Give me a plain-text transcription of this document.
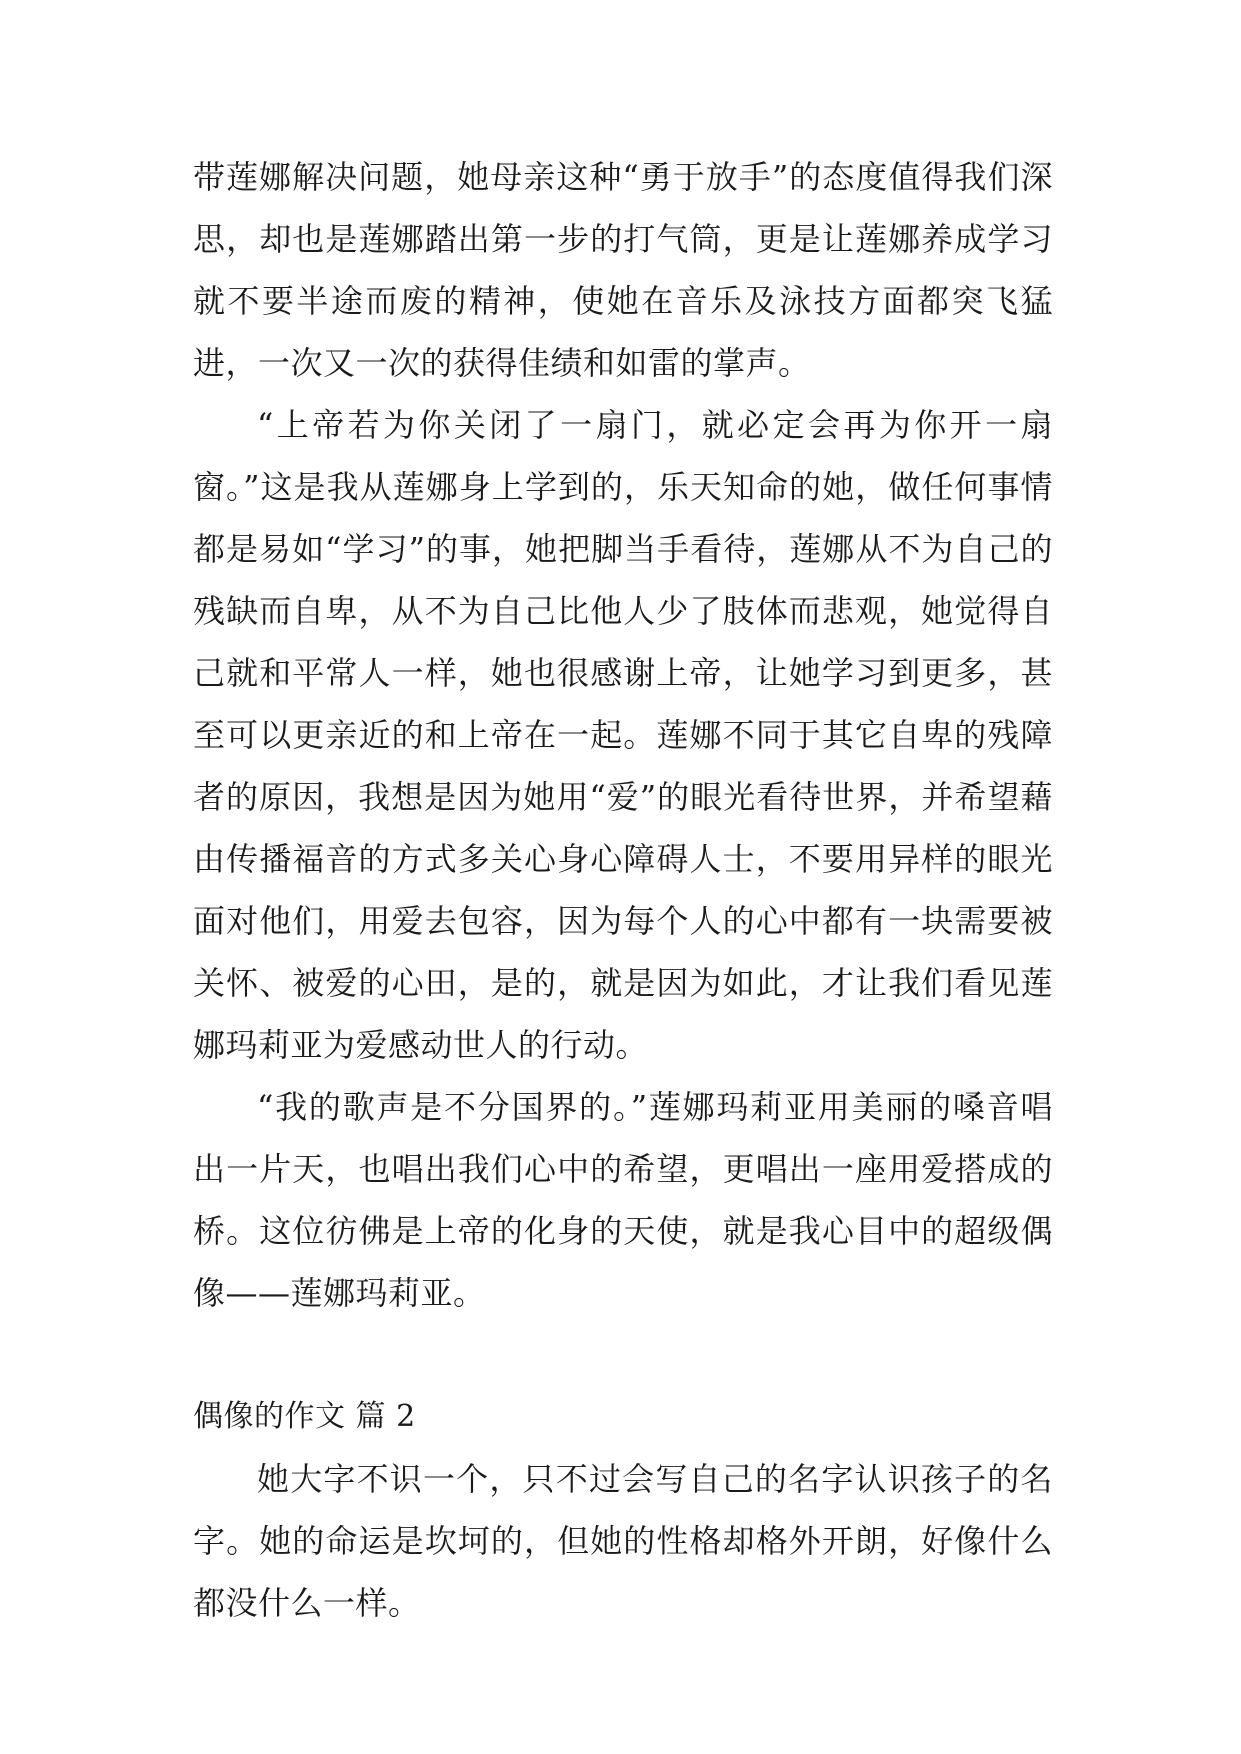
带莲娜解决问题，她母亲这种“勇于放手”的态度值得我们深思，却也是莲娜踏出第一步的打气筒，更是让莲娜养成学习就不要半途而废的精神，使她在音乐及泳技方面都突飞猛进，一次又一次的获得佳绩和如雷的掌声。

“上帝若为你关闭了一扇门，就必定会再为你开一扇窗。”这是我从莲娜身上学到的，乐天知命的她，做任何事情都是易如“学习”的事，她把脚当手看待，莲娜从不为自己的残缺而自卑，从不为自己比他人少了肢体而悲观，她觉得自己就和平常人一样，她也很感谢上帝，让她学习到更多，甚至可以更亲近的和上帝在一起。莲娜不同于其它自卑的残障者的原因，我想是因为她用“爱”的眼光看待世界，并希望藉由传播福音的方式多关心身心障碍人士，不要用异样的眼光面对他们，用爱去包容，因为每个人的心中都有一块需要被关怀、被爱的心田，是的，就是因为如此，才让我们看见莲娜玛莉亚为爱感动世人的行动。

“我的歌声是不分国界的。”莲娜玛莉亚用美丽的嗓音唱出一片天，也唱出我们心中的希望，更唱出一座用爱搭成的桥。这位彷佛是上帝的化身的天使，就是我心目中的超级偶像——莲娜玛莉亚。

偶像的作文 篇 2

她大字不识一个，只不过会写自己的名字认识孩子的名字。她的命运是坎坷的，但她的性格却格外开朗，好像什么都没什么一样。
